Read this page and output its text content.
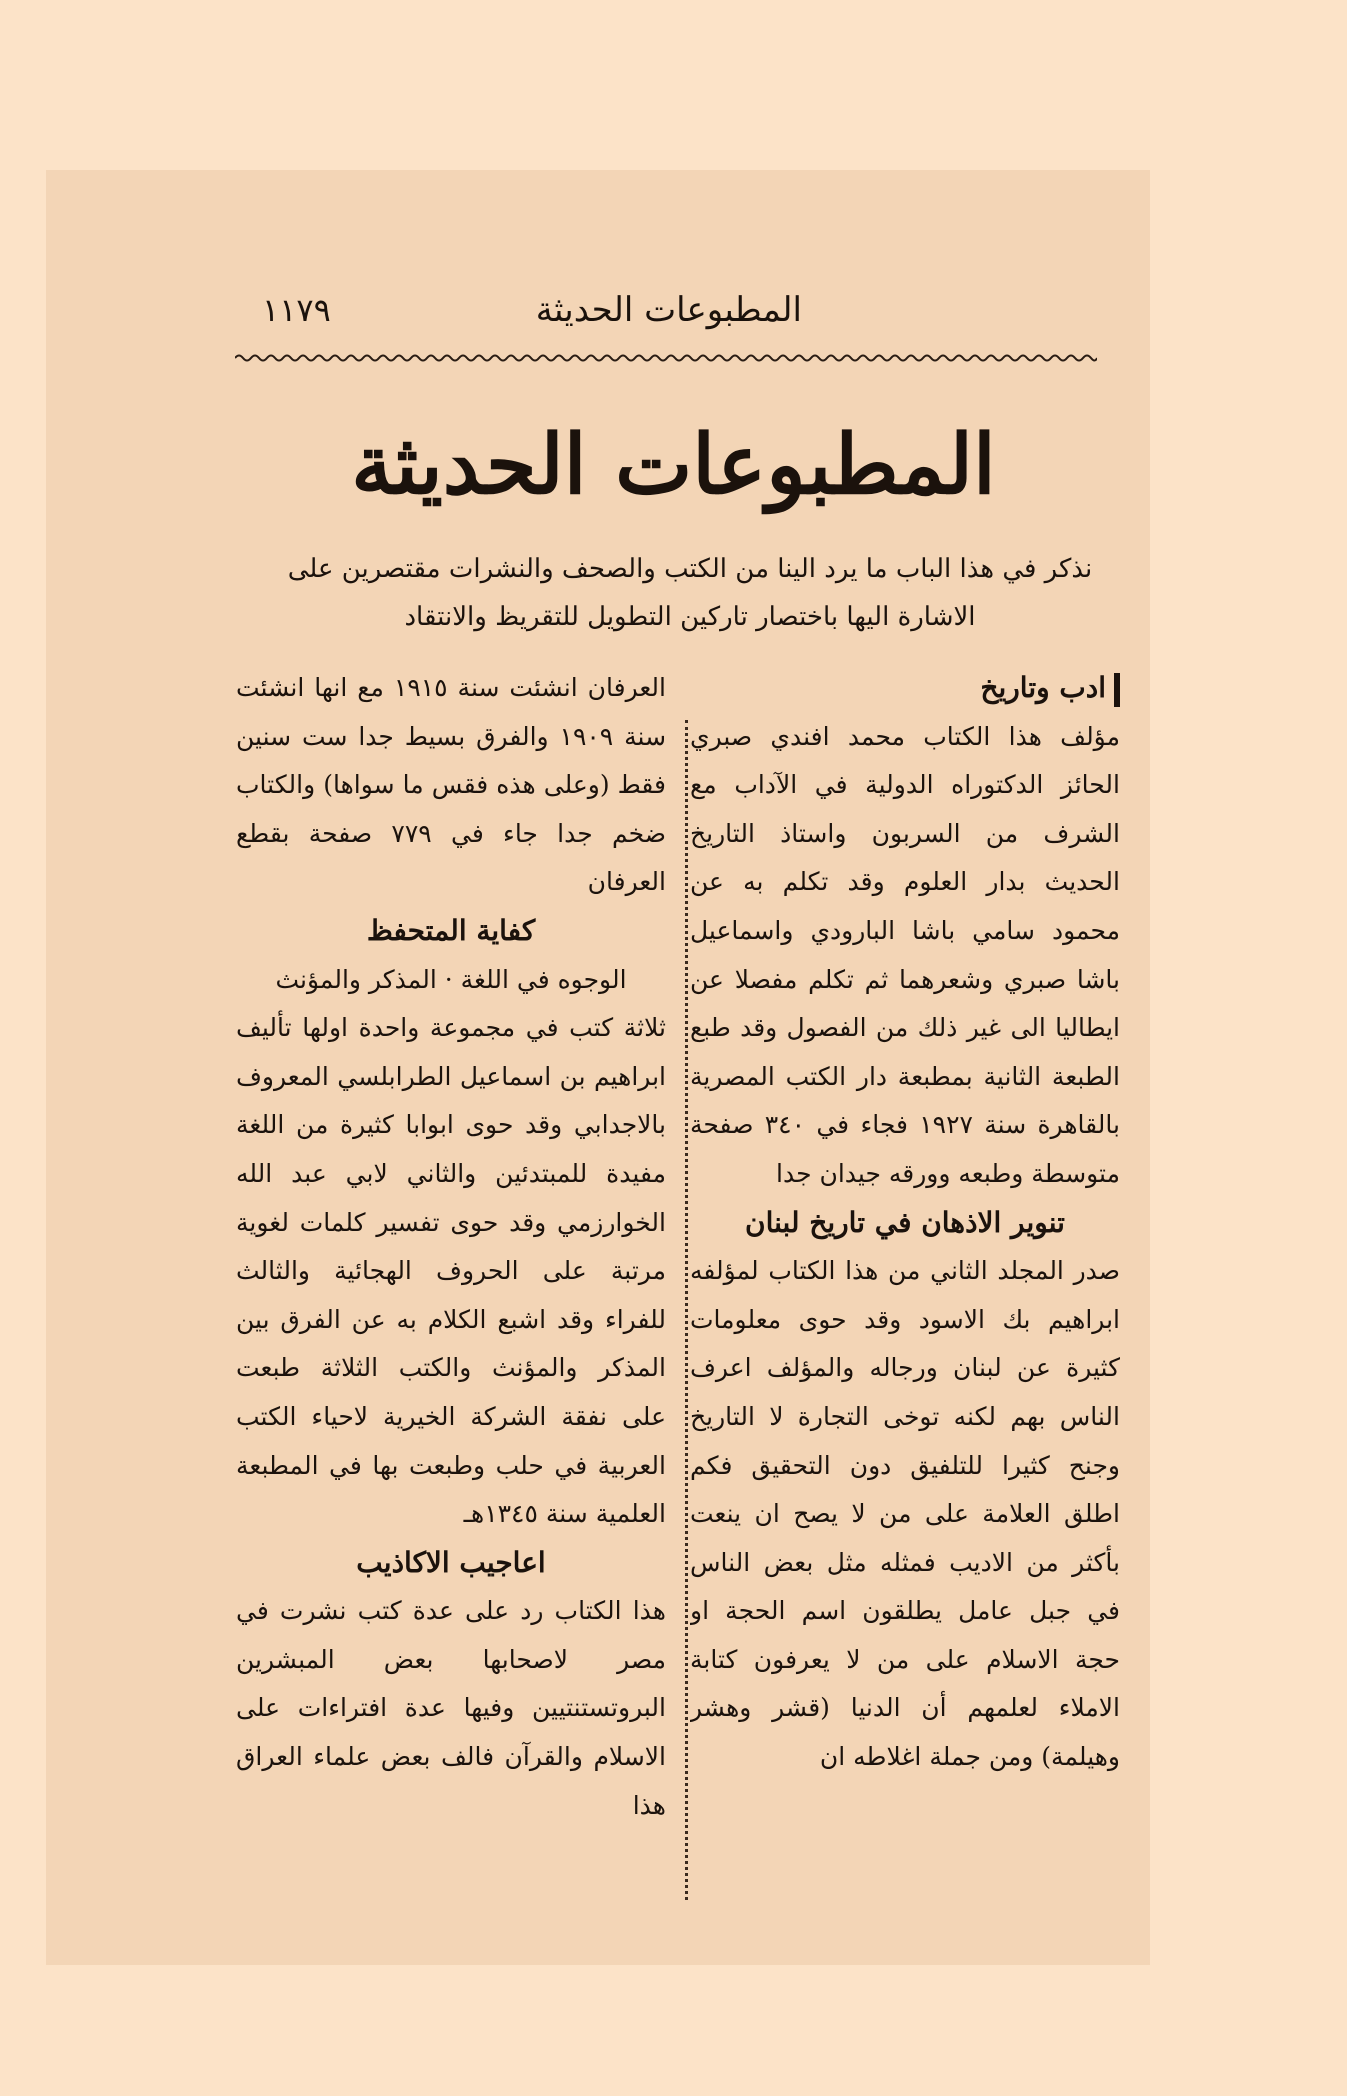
المطبوعات الحديثة
١١٧٩
المطبوعات الحديثة
نذكر في هذا الباب ما يرد الينا من الكتب والصحف والنشرات مقتصرين على الاشارة اليها باختصار تاركين التطويل للتقريظ والانتقاد

ادب وتاريخ

مؤلف هذا الكتاب محمد افندي صبري الحائز الدكتوراه الدولية في الآداب مع الشرف من السربون واستاذ التاريخ الحديث بدار العلوم وقد تكلم به عن محمود سامي باشا البارودي واسماعيل باشا صبري وشعرهما ثم تكلم مفصلا عن ايطاليا الى غير ذلك من الفصول وقد طبع الطبعة الثانية بمطبعة دار الكتب المصرية بالقاهرة سنة ١٩٢٧ فجاء في ٣٤٠ صفحة متوسطة وطبعه وورقه جيدان جدا

تنوير الاذهان في تاريخ لبنان

صدر المجلد الثاني من هذا الكتاب لمؤلفه ابراهيم بك الاسود وقد حوى معلومات كثيرة عن لبنان ورجاله والمؤلف اعرف الناس بهم لكنه توخى التجارة لا التاريخ وجنح كثيرا للتلفيق دون التحقيق فكم اطلق العلامة على من لا يصح ان ينعت بأكثر من الاديب فمثله مثل بعض الناس في جبل عامل يطلقون اسم الحجة او حجة الاسلام على من لا يعرفون كتابة الاملاء لعلمهم أن الدنيا (قشر وهشر وهيلمة) ومن جملة اغلاطه ان

العرفان انشئت سنة ١٩١٥ مع انها انشئت سنة ١٩٠٩ والفرق بسيط جدا ست سنين فقط (وعلى هذه فقس ما سواها) والكتاب ضخم جدا جاء في ٧٧٩ صفحة بقطع العرفان

كفاية المتحفظ

الوجوه في اللغة · المذكر والمؤنث

ثلاثة كتب في مجموعة واحدة اولها تأليف ابراهيم بن اسماعيل الطرابلسي المعروف بالاجدابي وقد حوى ابوابا كثيرة من اللغة مفيدة للمبتدئين والثاني لابي عبد الله الخوارزمي وقد حوى تفسير كلمات لغوية مرتبة على الحروف الهجائية والثالث للفراء وقد اشبع الكلام به عن الفرق بين المذكر والمؤنث والكتب الثلاثة طبعت على نفقة الشركة الخيرية لاحياء الكتب العربية في حلب وطبعت بها في المطبعة العلمية سنة ١٣٤٥هـ

اعاجيب الاكاذيب

هذا الكتاب رد على عدة كتب نشرت في مصر لاصحابها بعض المبشرين البروتستنتيين وفيها عدة افتراءات على الاسلام والقرآن فالف بعض علماء العراق هذا
